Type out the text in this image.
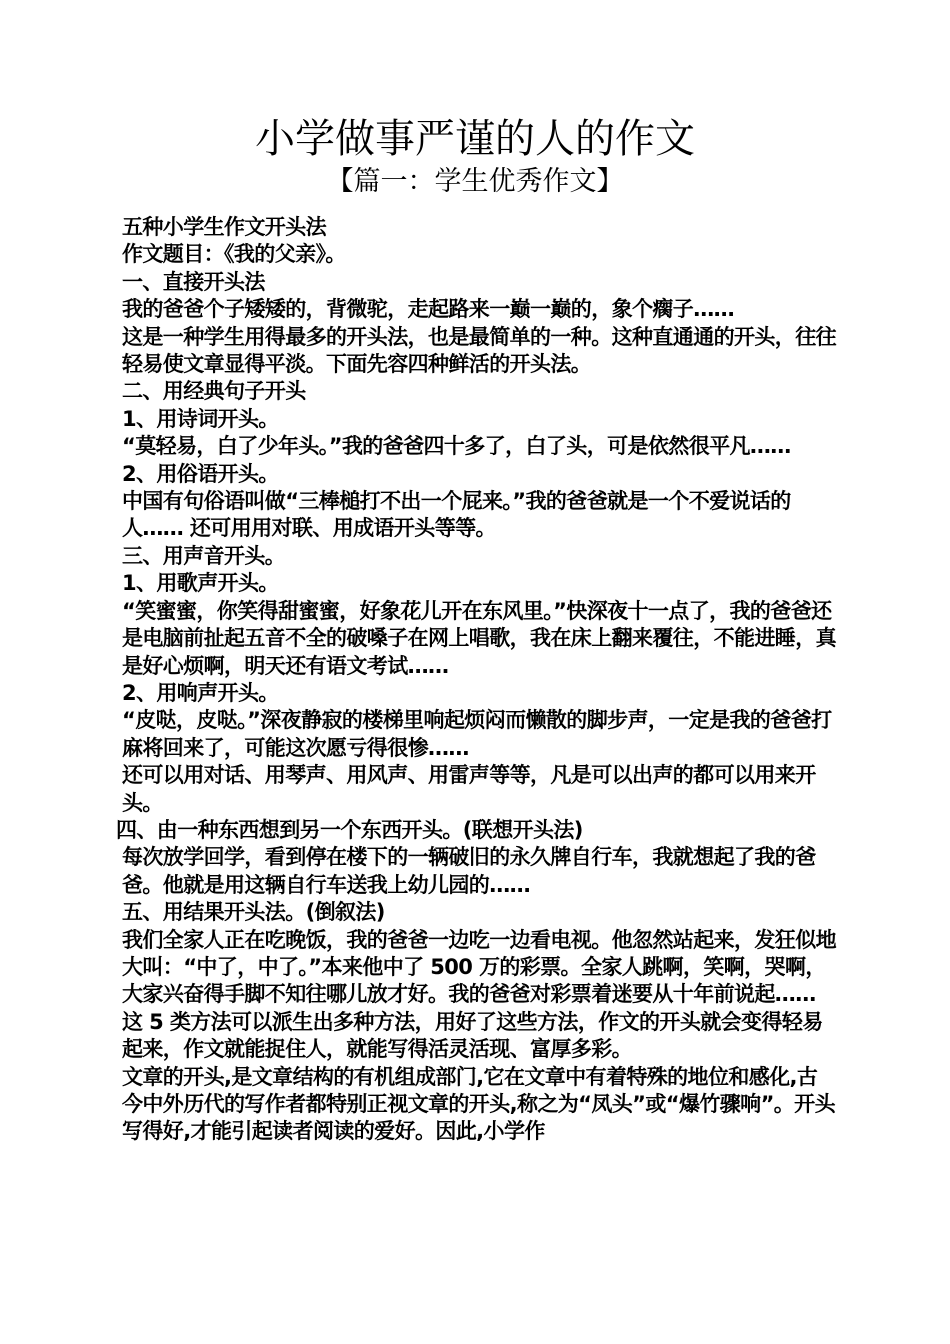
小学做事严谨的人的作文
【篇一：学生优秀作文】

五种小学生作文开头法

作文题目：《我的父亲》。

一、直接开头法

我的爸爸个子矮矮的，背微驼，走起路来一巅一巅的，象个瘸子……

这是一种学生用得最多的开头法，也是最简单的一种。这种直通通的开头，往往轻易使文章显得平淡。下面先容四种鲜活的开头法。

二、用经典句子开头

1、用诗词开头。

“莫轻易，白了少年头。”我的爸爸四十多了，白了头，可是依然很平凡……

2、用俗语开头。

中国有句俗语叫做“三棒槌打不出一个屁来。”我的爸爸就是一个不爱说话的人…… 还可用用对联、用成语开头等等。

三、用声音开头。

1、用歌声开头。

“笑蜜蜜，你笑得甜蜜蜜，好象花儿开在东风里。”快深夜十一点了，我的爸爸还是电脑前扯起五音不全的破嗓子在网上唱歌，我在床上翻来覆往，不能进睡，真是好心烦啊，明天还有语文考试……

2、用响声开头。

“皮哒，皮哒。”深夜静寂的楼梯里响起烦闷而懒散的脚步声，一定是我的爸爸打麻将回来了，可能这次愿亏得很惨……

还可以用对话、用琴声、用风声、用雷声等等，凡是可以出声的都可以用来开头。

四、由一种东西想到另一个东西开头。(联想开头法)

每次放学回学，看到停在楼下的一辆破旧的永久牌自行车，我就想起了我的爸爸。他就是用这辆自行车送我上幼儿园的……

五、用结果开头法。(倒叙法)

我们全家人正在吃晚饭，我的爸爸一边吃一边看电视。他忽然站起来，发狂似地大叫：“中了，中了。”本来他中了 500 万的彩票。全家人跳啊，笑啊，哭啊，大家兴奋得手脚不知往哪儿放才好。我的爸爸对彩票着迷要从十年前说起……

这 5 类方法可以派生出多种方法，用好了这些方法，作文的开头就会变得轻易起来，作文就能捉住人，就能写得活灵活现、富厚多彩。

文章的开头,是文章结构的有机组成部门,它在文章中有着特殊的地位和感化,古今中外历代的写作者都特别正视文章的开头,称之为“凤头”或“爆竹骤响”。开头写得好,才能引起读者阅读的爱好。因此,小学作
